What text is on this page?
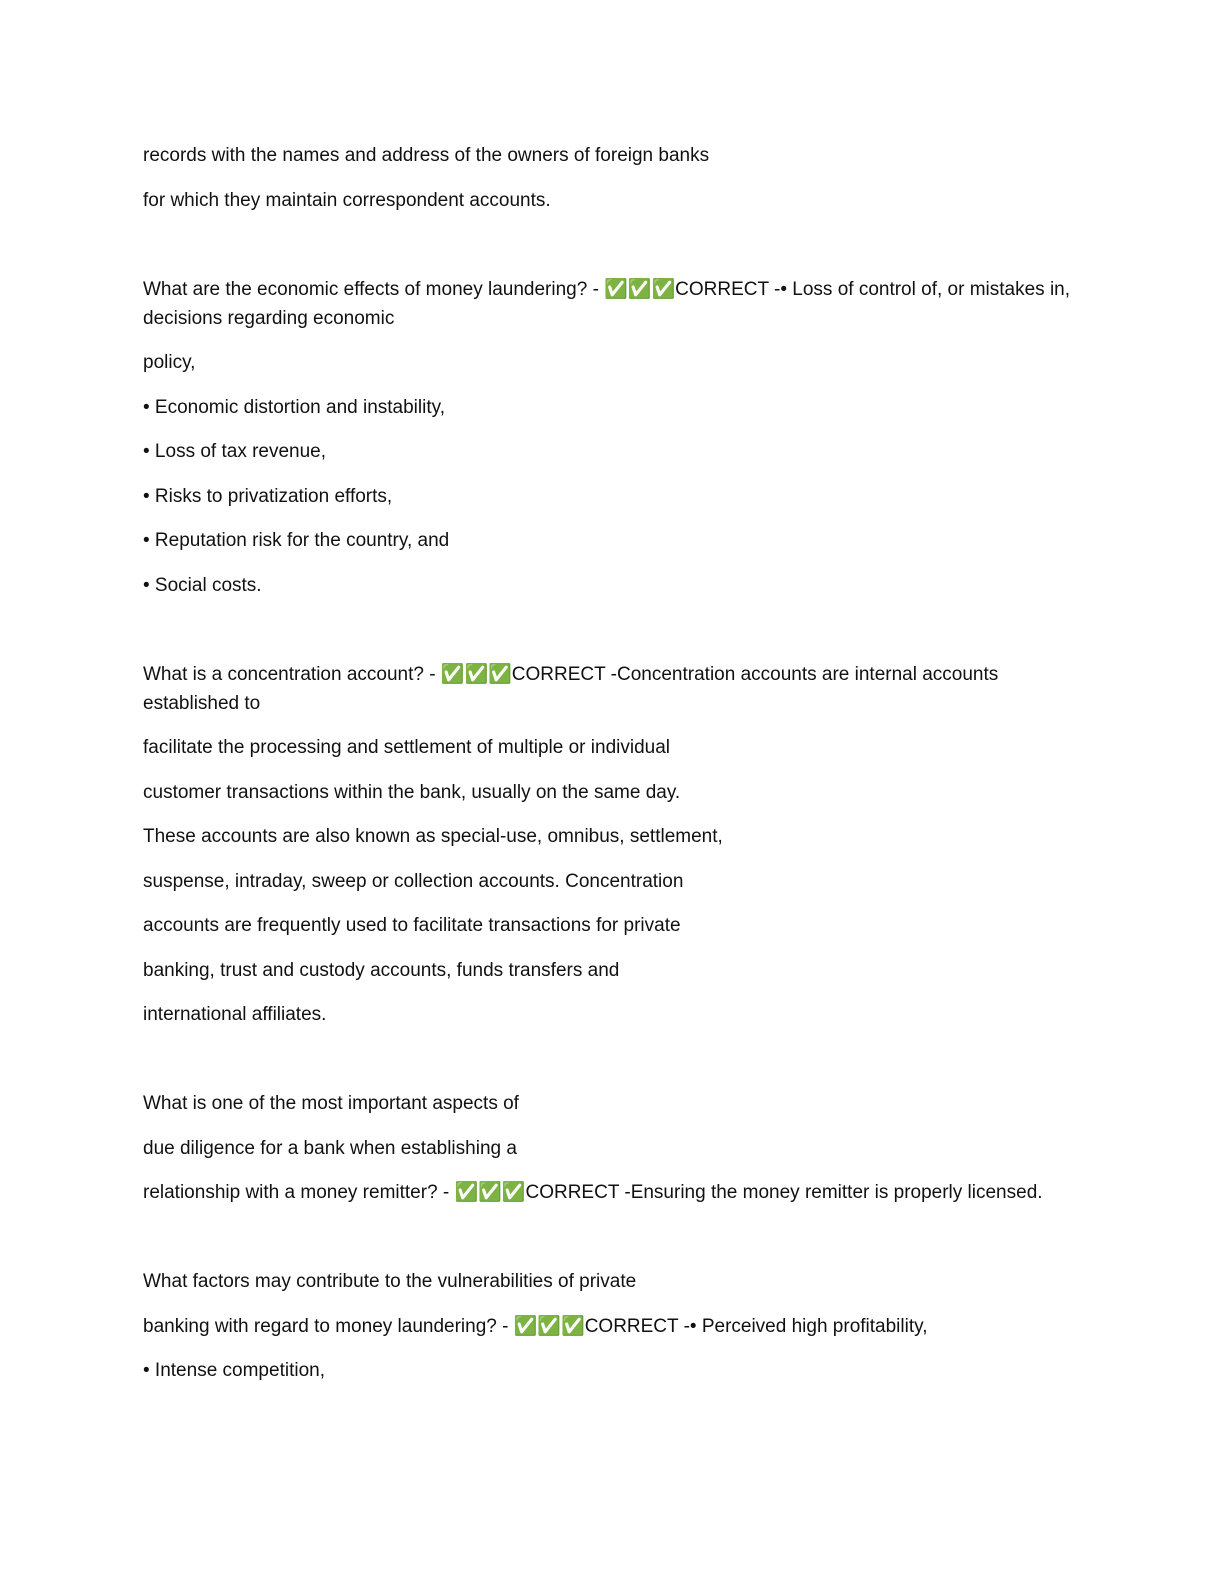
records with the names and address of the owners of foreign banks

for which they maintain correspondent accounts.

What are the economic effects of money laundering? - ✅✅✅CORRECT -• Loss of control of, or mistakes in, decisions regarding economic

policy,

• Economic distortion and instability,

• Loss of tax revenue,

• Risks to privatization efforts,

• Reputation risk for the country, and

• Social costs.

What is a concentration account? - ✅✅✅CORRECT -Concentration accounts are internal accounts established to

facilitate the processing and settlement of multiple or individual

customer transactions within the bank, usually on the same day.

These accounts are also known as special-use, omnibus, settlement,

suspense, intraday, sweep or collection accounts. Concentration

accounts are frequently used to facilitate transactions for private

banking, trust and custody accounts, funds transfers and

international affiliates.

What is one of the most important aspects of

due diligence for a bank when establishing a

relationship with a money remitter? - ✅✅✅CORRECT -Ensuring the money remitter is properly licensed.

What factors may contribute to the vulnerabilities of private

banking with regard to money laundering? - ✅✅✅CORRECT -• Perceived high profitability,

• Intense competition,
